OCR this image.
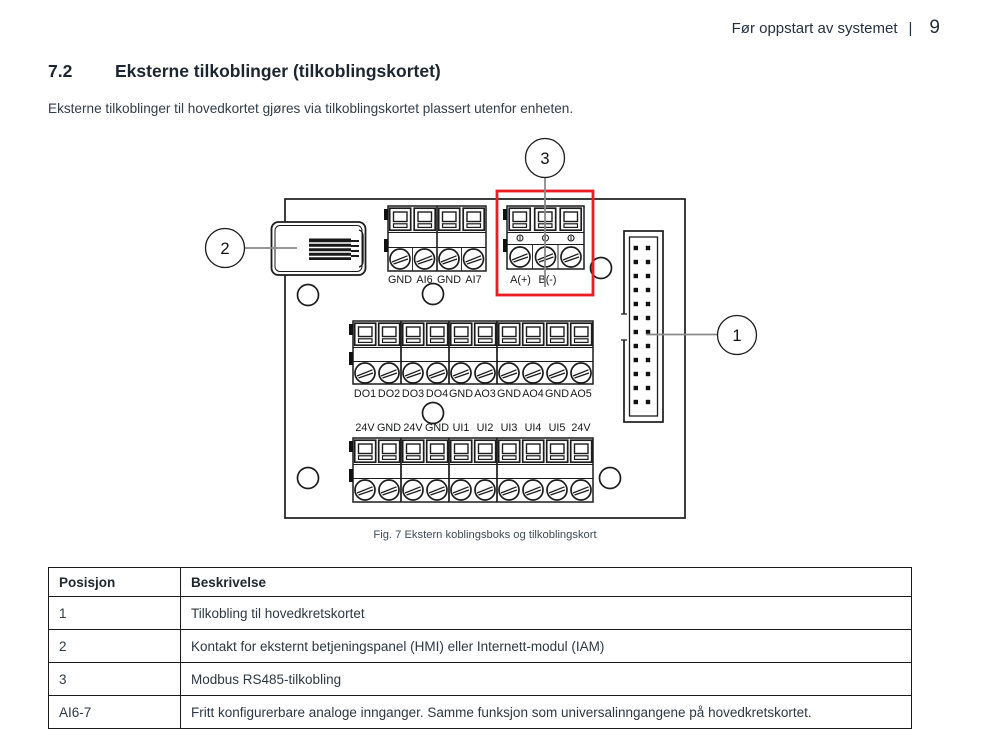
Før oppstart av systemet | 9
7.2	Eksterne tilkoblinger (tilkoblingskortet)
Eksterne tilkoblinger til hovedkortet gjøres via tilkoblingskortet plassert utenfor enheten.
GND AI6 GND AI7	A(+) B(-)
DO1 DO2 DO3 DO4 GND AO3 GND AO4 GND AO5
24V GND 24V GND UI1 UI2 UI3 UI4 UI5 24V
2
3
1
Fig. 7 Ekstern koblingsboks og tilkoblingskort
Posisjon	Beskrivelse
1	Tilkobling til hovedkretskortet
2	Kontakt for eksternt betjeningspanel (HMI) eller Internett-modul (IAM)
3	Modbus RS485-tilkobling
AI6-7	Fritt konfigurerbare analoge innganger. Samme funksjon som universalinngangene på hovedkretskortet.
